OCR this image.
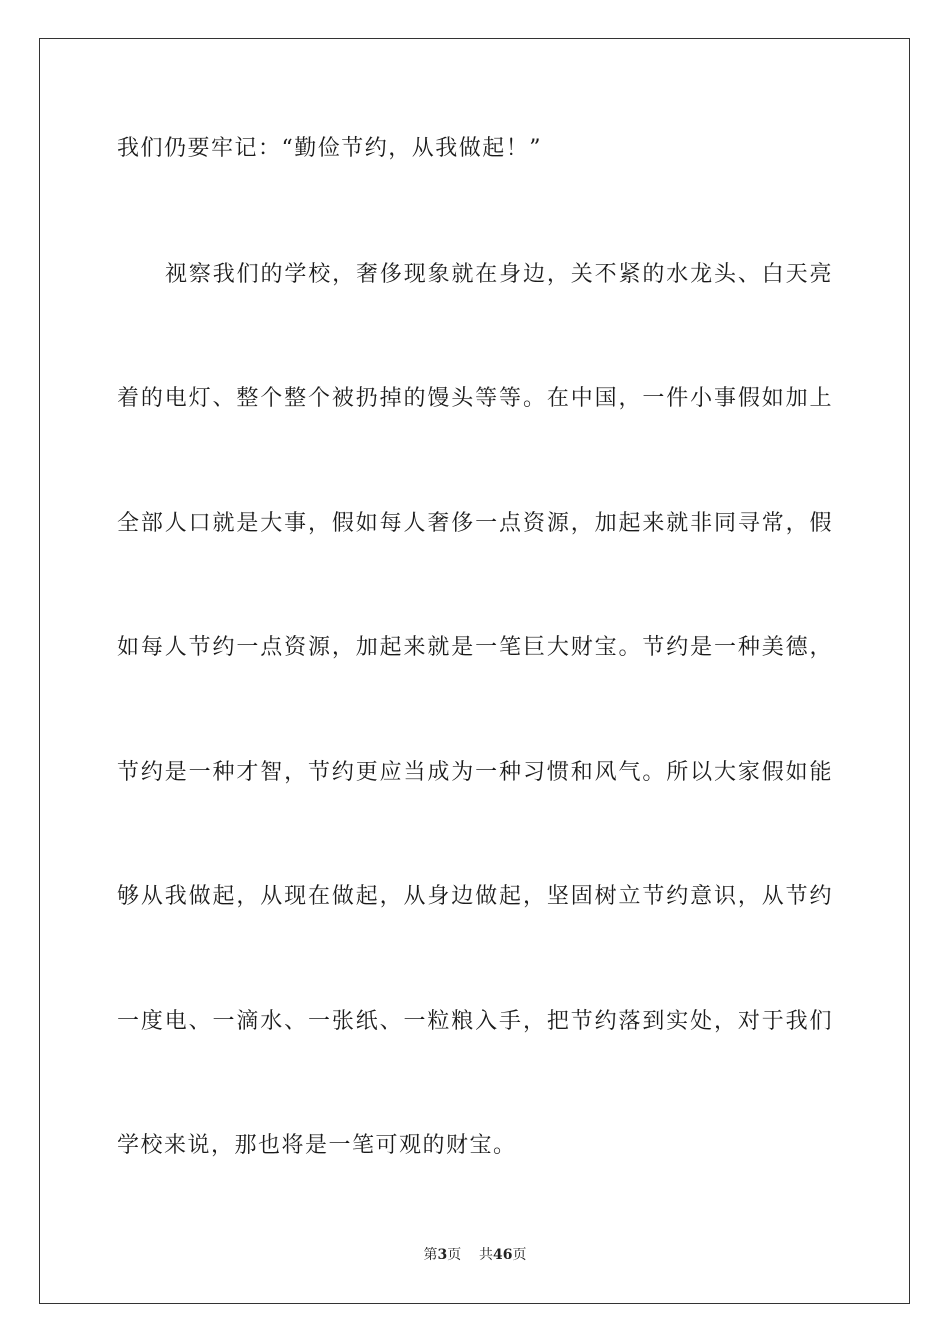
我们仍要牢记：“勤俭节约，从我做起！”
视察我们的学校，奢侈现象就在身边，关不紧的水龙头、白天亮
着的电灯、整个整个被扔掉的馒头等等。在中国，一件小事假如加上
全部人口就是大事，假如每人奢侈一点资源，加起来就非同寻常，假
如每人节约一点资源，加起来就是一笔巨大财宝。节约是一种美德，
节约是一种才智，节约更应当成为一种习惯和风气。所以大家假如能
够从我做起，从现在做起，从身边做起，坚固树立节约意识，从节约
一度电、一滴水、一张纸、一粒粮入手，把节约落到实处，对于我们
学校来说，那也将是一笔可观的财宝。
第3页 共46页
